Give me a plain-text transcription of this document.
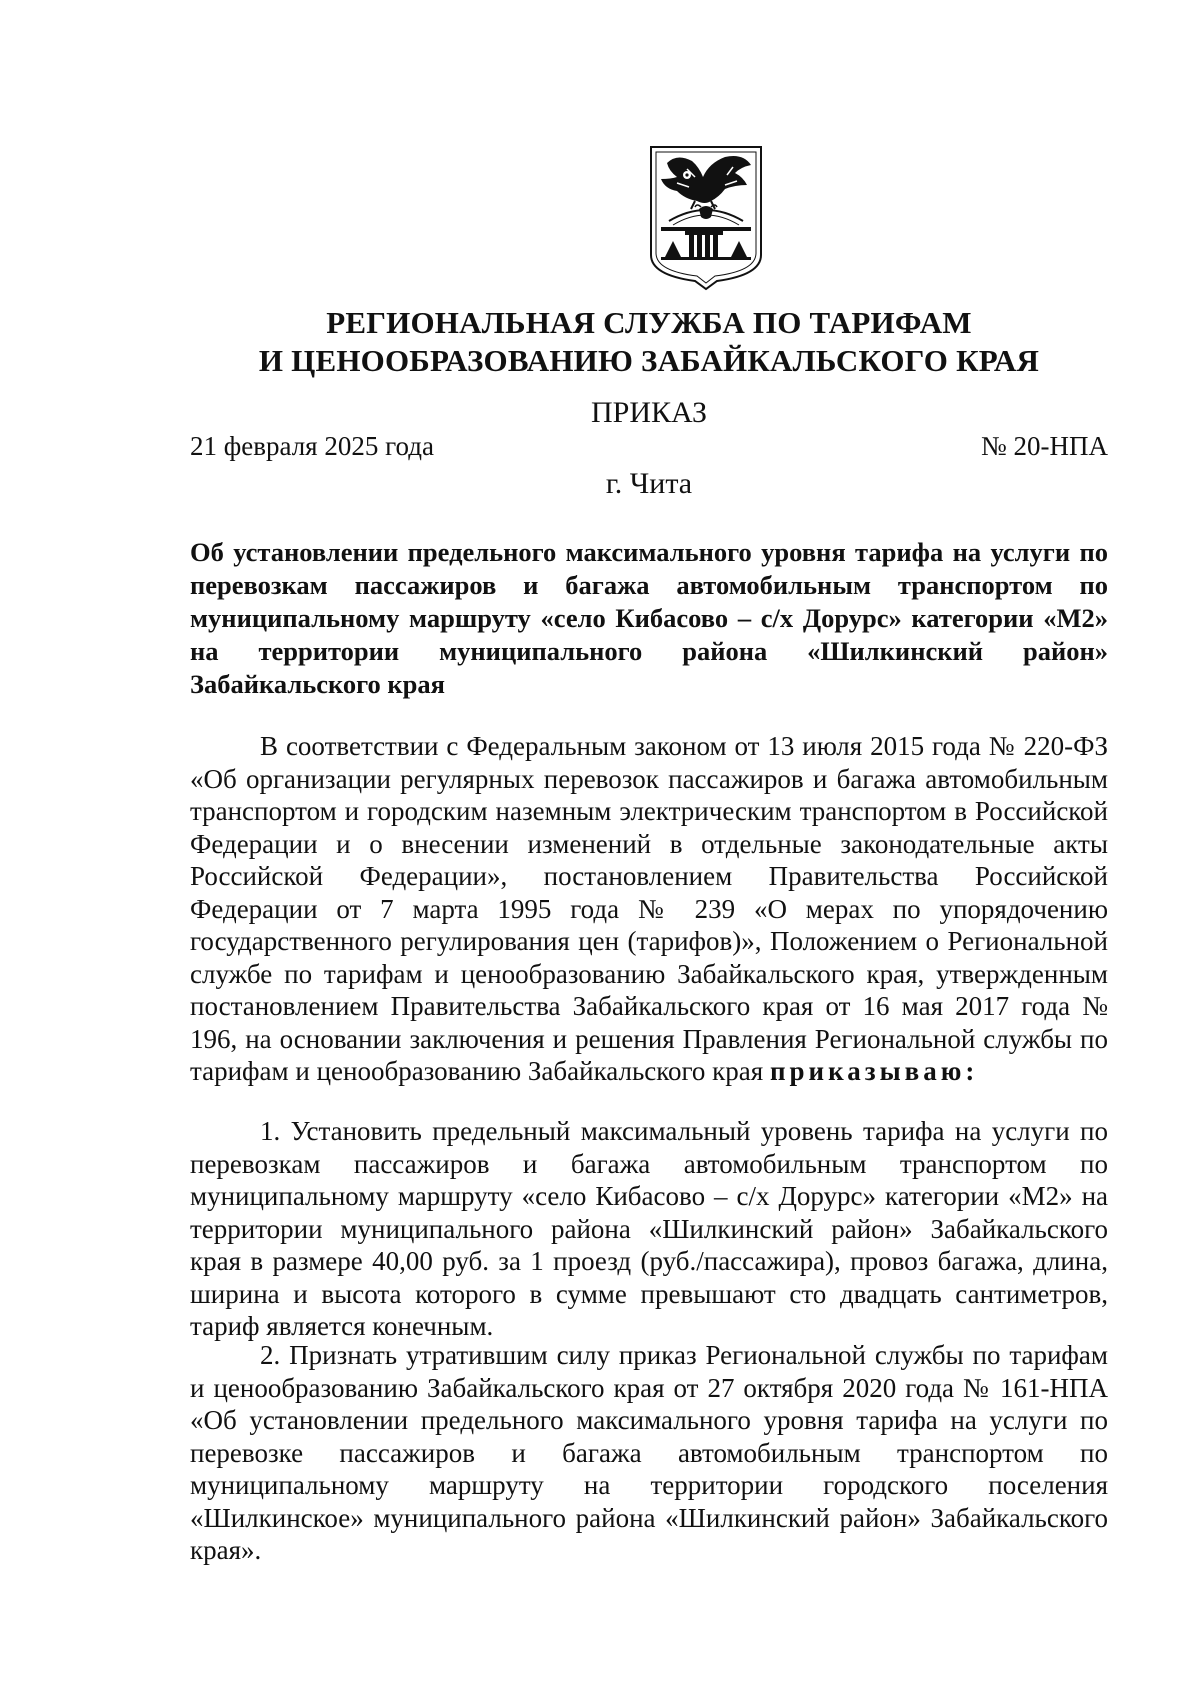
РЕГИОНАЛЬНАЯ СЛУЖБА ПО ТАРИФАМ
И ЦЕНООБРАЗОВАНИЮ ЗАБАЙКАЛЬСКОГО КРАЯ
ПРИКАЗ
21 февраля 2025 года	№ 20-НПА
г. Чита
Об установлении предельного максимального уровня тарифа на услуги по перевозкам пассажиров и багажа автомобильным транспортом по муниципальному маршруту «село Кибасово – с/х Дорурс» категории «М2» на территории муниципального района «Шилкинский район» Забайкальского края
В соответствии с Федеральным законом от 13 июля 2015 года № 220-ФЗ «Об организации регулярных перевозок пассажиров и багажа автомобильным транспортом и городским наземным электрическим транспортом в Российской Федерации и о внесении изменений в отдельные законодательные акты Российской Федерации», постановлением Правительства Российской Федерации от 7 марта 1995 года № 239 «О мерах по упорядочению государственного регулирования цен (тарифов)», Положением о Региональной службе по тарифам и ценообразованию Забайкальского края, утвержденным постановлением Правительства Забайкальского края от 16 мая 2017 года № 196, на основании заключения и решения Правления Региональной службы по тарифам и ценообразованию Забайкальского края приказываю:
1. Установить предельный максимальный уровень тарифа на услуги по перевозкам пассажиров и багажа автомобильным транспортом по муниципальному маршруту «село Кибасово – с/х Дорурс» категории «М2» на территории муниципального района «Шилкинский район» Забайкальского края в размере 40,00 руб. за 1 проезд (руб./пассажира), провоз багажа, длина, ширина и высота которого в сумме превышают сто двадцать сантиметров, тариф является конечным.
2. Признать утратившим силу приказ Региональной службы по тарифам и ценообразованию Забайкальского края от 27 октября 2020 года № 161-НПА «Об установлении предельного максимального уровня тарифа на услуги по перевозке пассажиров и багажа автомобильным транспортом по муниципальному маршруту на территории городского поселения «Шилкинское» муниципального района «Шилкинский район» Забайкальского края».
